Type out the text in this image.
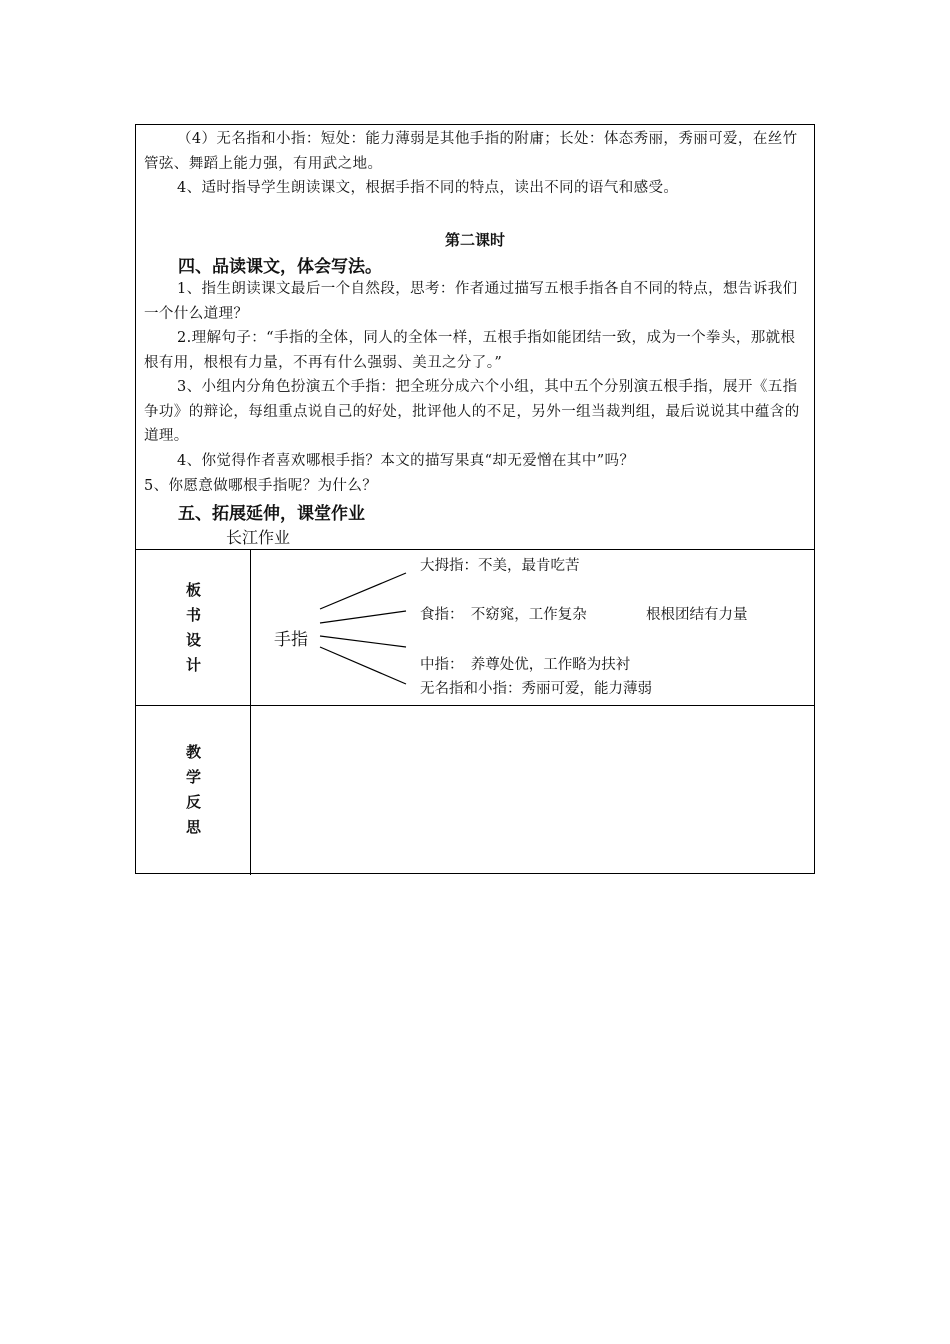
（4）无名指和小指：短处：能力薄弱是其他手指的附庸；长处：体态秀丽，秀丽可爱，在丝竹管弦、舞蹈上能力强，有用武之地。

4、适时指导学生朗读课文，根据手指不同的特点，读出不同的语气和感受。

第二课时
四、品读课文，体会写法。

1、指生朗读课文最后一个自然段，思考：作者通过描写五根手指各自不同的特点，想告诉我们一个什么道理？

2.理解句子：“手指的全体，同人的全体一样，五根手指如能团结一致，成为一个拳头，那就根根有用，根根有力量，不再有什么强弱、美丑之分了。”

3、小组内分角色扮演五个手指：把全班分成六个小组，其中五个分别演五根手指，展开《五指争功》的辩论，每组重点说自己的好处，批评他人的不足，另外一组当裁判组，最后说说其中蕴含的道理。

4、你觉得作者喜欢哪根手指？本文的描写果真“却无爱憎在其中”吗？

5、你愿意做哪根手指呢？为什么？

五、拓展延伸，课堂作业
长江作业
板
书
设
计
手指
大拇指：不美，最肯吃苦
食指：　不窈窕，工作复杂	根根团结有力量
中指：　养尊处优，工作略为扶衬
无名指和小指：秀丽可爱，能力薄弱
教
学
反
思
